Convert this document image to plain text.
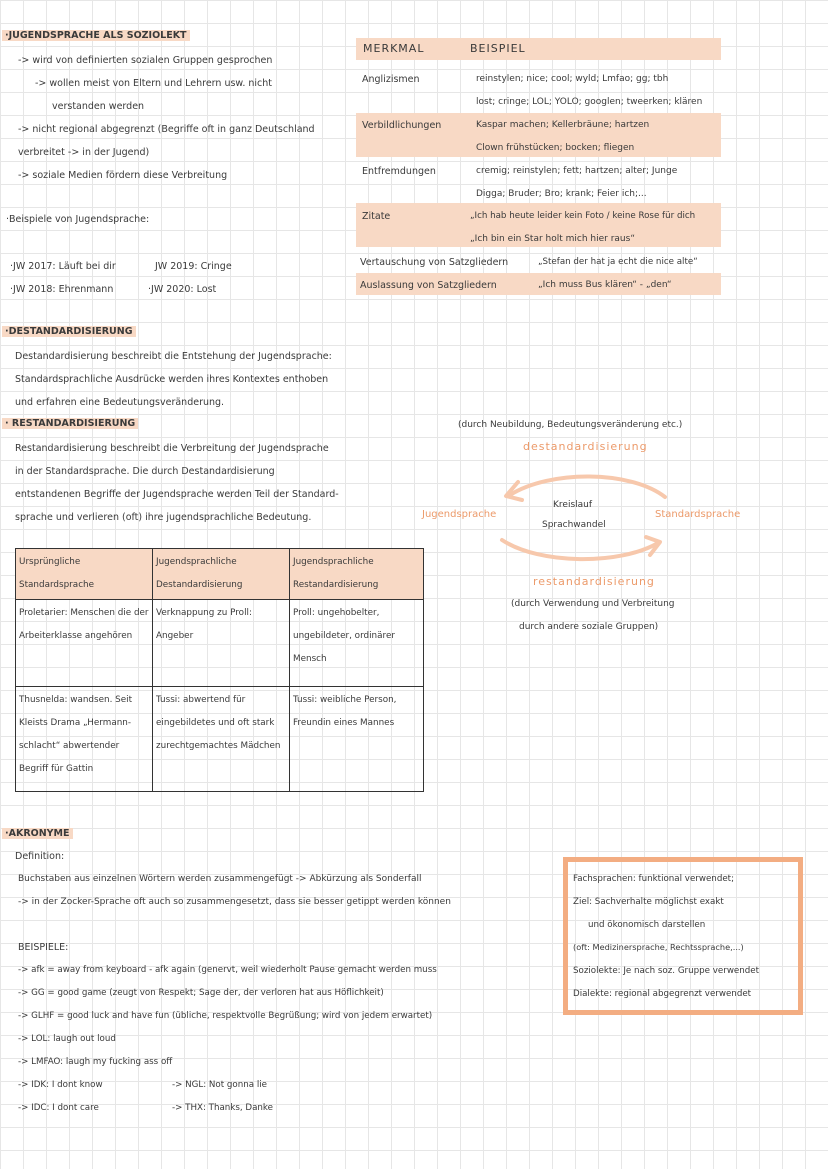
·JUGENDSPRACHE ALS SOZIOLEKT
-> wird von definierten sozialen Gruppen gesprochen
-> wollen meist von Eltern und Lehrern usw. nicht
verstanden werden
-> nicht regional abgegrenzt (Begriffe oft in ganz Deutschland
verbreitet -> in der Jugend)
-> soziale Medien fördern diese Verbreitung
·Beispiele von Jugendsprache:
·JW 2017: Läuft bei dir	JW 2019: Cringe
·JW 2018: Ehrenmann	·JW 2020: Lost
MERKMAL	BEISPIEL
Anglizismen	reinstylen; nice; cool; wyld; Lmfao; gg; tbh
lost; cringe; LOL; YOLO; googlen; tweerken; klären
Verbildlichungen	Kaspar machen; Kellerbräune; hartzen
Clown frühstücken; bocken; fliegen
Entfremdungen	cremig; reinstylen; fett; hartzen; alter; Junge
Digga; Bruder; Bro; krank; Feier ich;...
Zitate	„Ich hab heute leider kein Foto / keine Rose für dich
„Ich bin ein Star holt mich hier raus“
Vertauschung von Satzgliedern	„Stefan der hat ja echt die nice alte“
Auslassung von Satzgliedern	„Ich muss Bus klären“ - „den“
·DESTANDARDISIERUNG
Destandardisierung beschreibt die Entstehung der Jugendsprache:
Standardsprachliche Ausdrücke werden ihres Kontextes enthoben
und erfahren eine Bedeutungsveränderung.
· RESTANDARDISIERUNG
Restandardisierung beschreibt die Verbreitung der Jugendsprache
in der Standardsprache. Die durch Destandardisierung
entstandenen Begriffe der Jugendsprache werden Teil der Standard-
sprache und verlieren (oft) ihre jugendsprachliche Bedeutung.
(durch Neubildung, Bedeutungsveränderung etc.)
destandardisierung
Jugendsprache
Kreislauf
Sprachwandel
Standardsprache
restandardisierung
(durch Verwendung und Verbreitung
durch andere soziale Gruppen)
Ursprüngliche Standardsprache	Jugendsprachliche Destandardisierung	Jugendsprachliche Restandardisierung
Proletarier: Menschen die der Arbeiterklasse angehören	Verknappung zu Proll: Angeber	Proll: ungehobelter, ungebildeter, ordinärer Mensch
Thusnelda: wandsen. Seit Kleists Drama „Hermann-schlacht“ abwertender Begriff für Gattin	Tussi: abwertend für eingebildetes und oft stark zurechtgemachtes Mädchen	Tussi: weibliche Person, Freundin eines Mannes
·AKRONYME
Definition:
Buchstaben aus einzelnen Wörtern werden zusammengefügt -> Abkürzung als Sonderfall
-> in der Zocker-Sprache oft auch so zusammengesetzt, dass sie besser getippt werden können
BEISPIELE:
-> afk = away from keyboard - afk again (genervt, weil wiederholt Pause gemacht werden muss
-> GG = good game (zeugt von Respekt; Sage der, der verloren hat aus Höflichkeit)
-> GLHF = good luck and have fun (übliche, respektvolle Begrüßung; wird von jedem erwartet)
-> LOL: laugh out loud
-> LMFAO: laugh my fucking ass off
-> IDK: I dont know
-> IDC: I dont care
-> NGL: Not gonna lie
-> THX: Thanks, Danke
Fachsprachen: funktional verwendet;
Ziel: Sachverhalte möglichst exakt
und ökonomisch darstellen
(oft: Medizinersprache, Rechtssprache,...)
Soziolekte: Je nach soz. Gruppe verwendet
Dialekte: regional abgegrenzt verwendet
